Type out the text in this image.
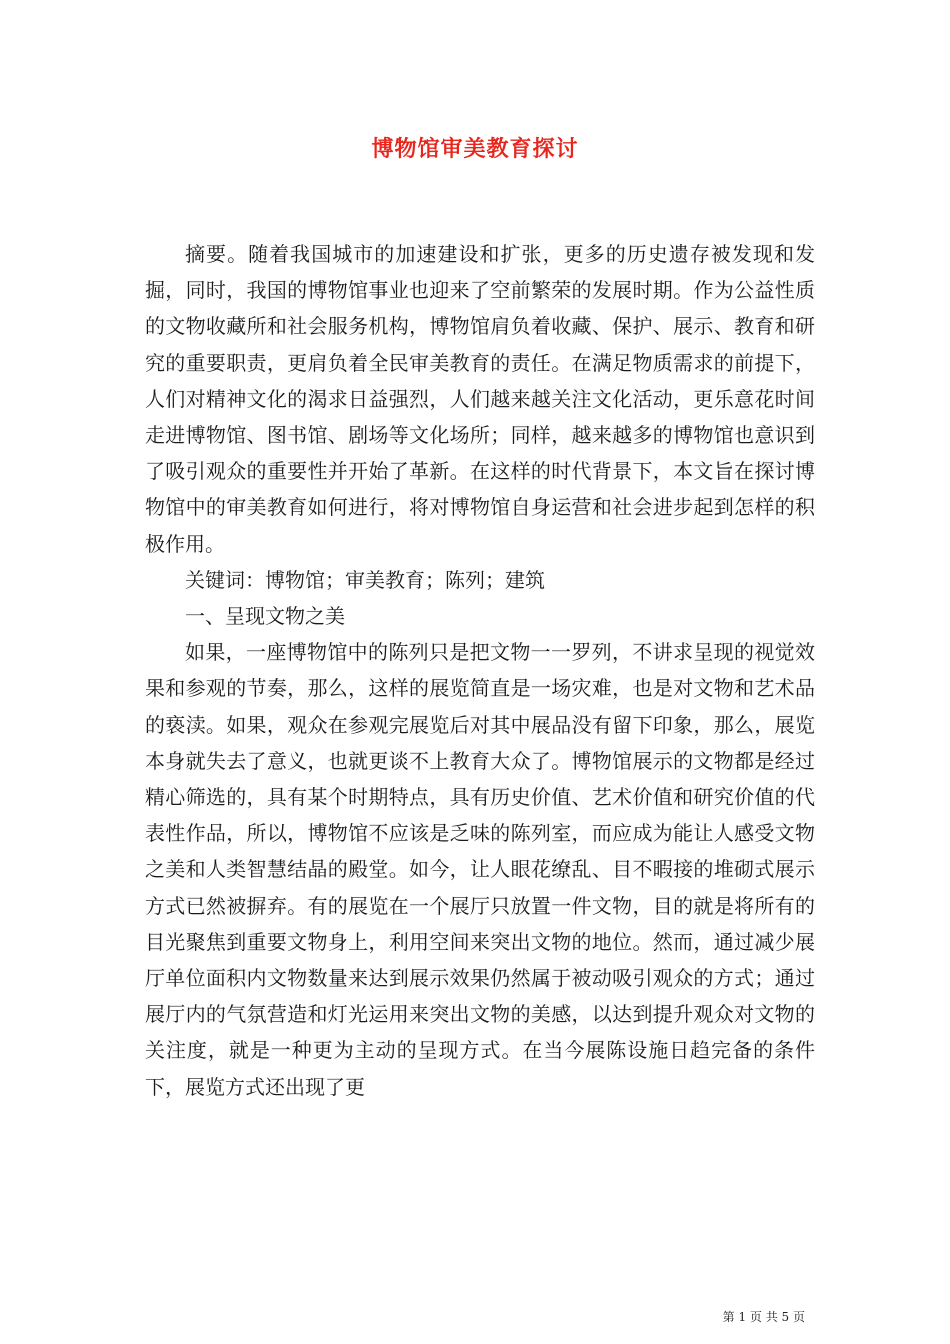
博物馆审美教育探讨

摘要。随着我国城市的加速建设和扩张，更多的历史遗存被发现和发掘，同时，我国的博物馆事业也迎来了空前繁荣的发展时期。作为公益性质的文物收藏所和社会服务机构，博物馆肩负着收藏、保护、展示、教育和研究的重要职责，更肩负着全民审美教育的责任。在满足物质需求的前提下，人们对精神文化的渴求日益强烈，人们越来越关注文化活动，更乐意花时间走进博物馆、图书馆、剧场等文化场所；同样，越来越多的博物馆也意识到了吸引观众的重要性并开始了革新。在这样的时代背景下，本文旨在探讨博物馆中的审美教育如何进行，将对博物馆自身运营和社会进步起到怎样的积极作用。

关键词：博物馆；审美教育；陈列；建筑

一、呈现文物之美

如果，一座博物馆中的陈列只是把文物一一罗列，不讲求呈现的视觉效果和参观的节奏，那么，这样的展览简直是一场灾难，也是对文物和艺术品的亵渎。如果，观众在参观完展览后对其中展品没有留下印象，那么，展览本身就失去了意义，也就更谈不上教育大众了。博物馆展示的文物都是经过精心筛选的，具有某个时期特点，具有历史价值、艺术价值和研究价值的代表性作品，所以，博物馆不应该是乏味的陈列室，而应成为能让人感受文物之美和人类智慧结晶的殿堂。如今，让人眼花缭乱、目不暇接的堆砌式展示方式已然被摒弃。有的展览在一个展厅只放置一件文物，目的就是将所有的目光聚焦到重要文物身上，利用空间来突出文物的地位。然而，通过减少展厅单位面积内文物数量来达到展示效果仍然属于被动吸引观众的方式；通过展厅内的气氛营造和灯光运用来突出文物的美感，以达到提升观众对文物的关注度，就是一种更为主动的呈现方式。在当今展陈设施日趋完备的条件下，展览方式还出现了更

第 1 页 共 5 页
